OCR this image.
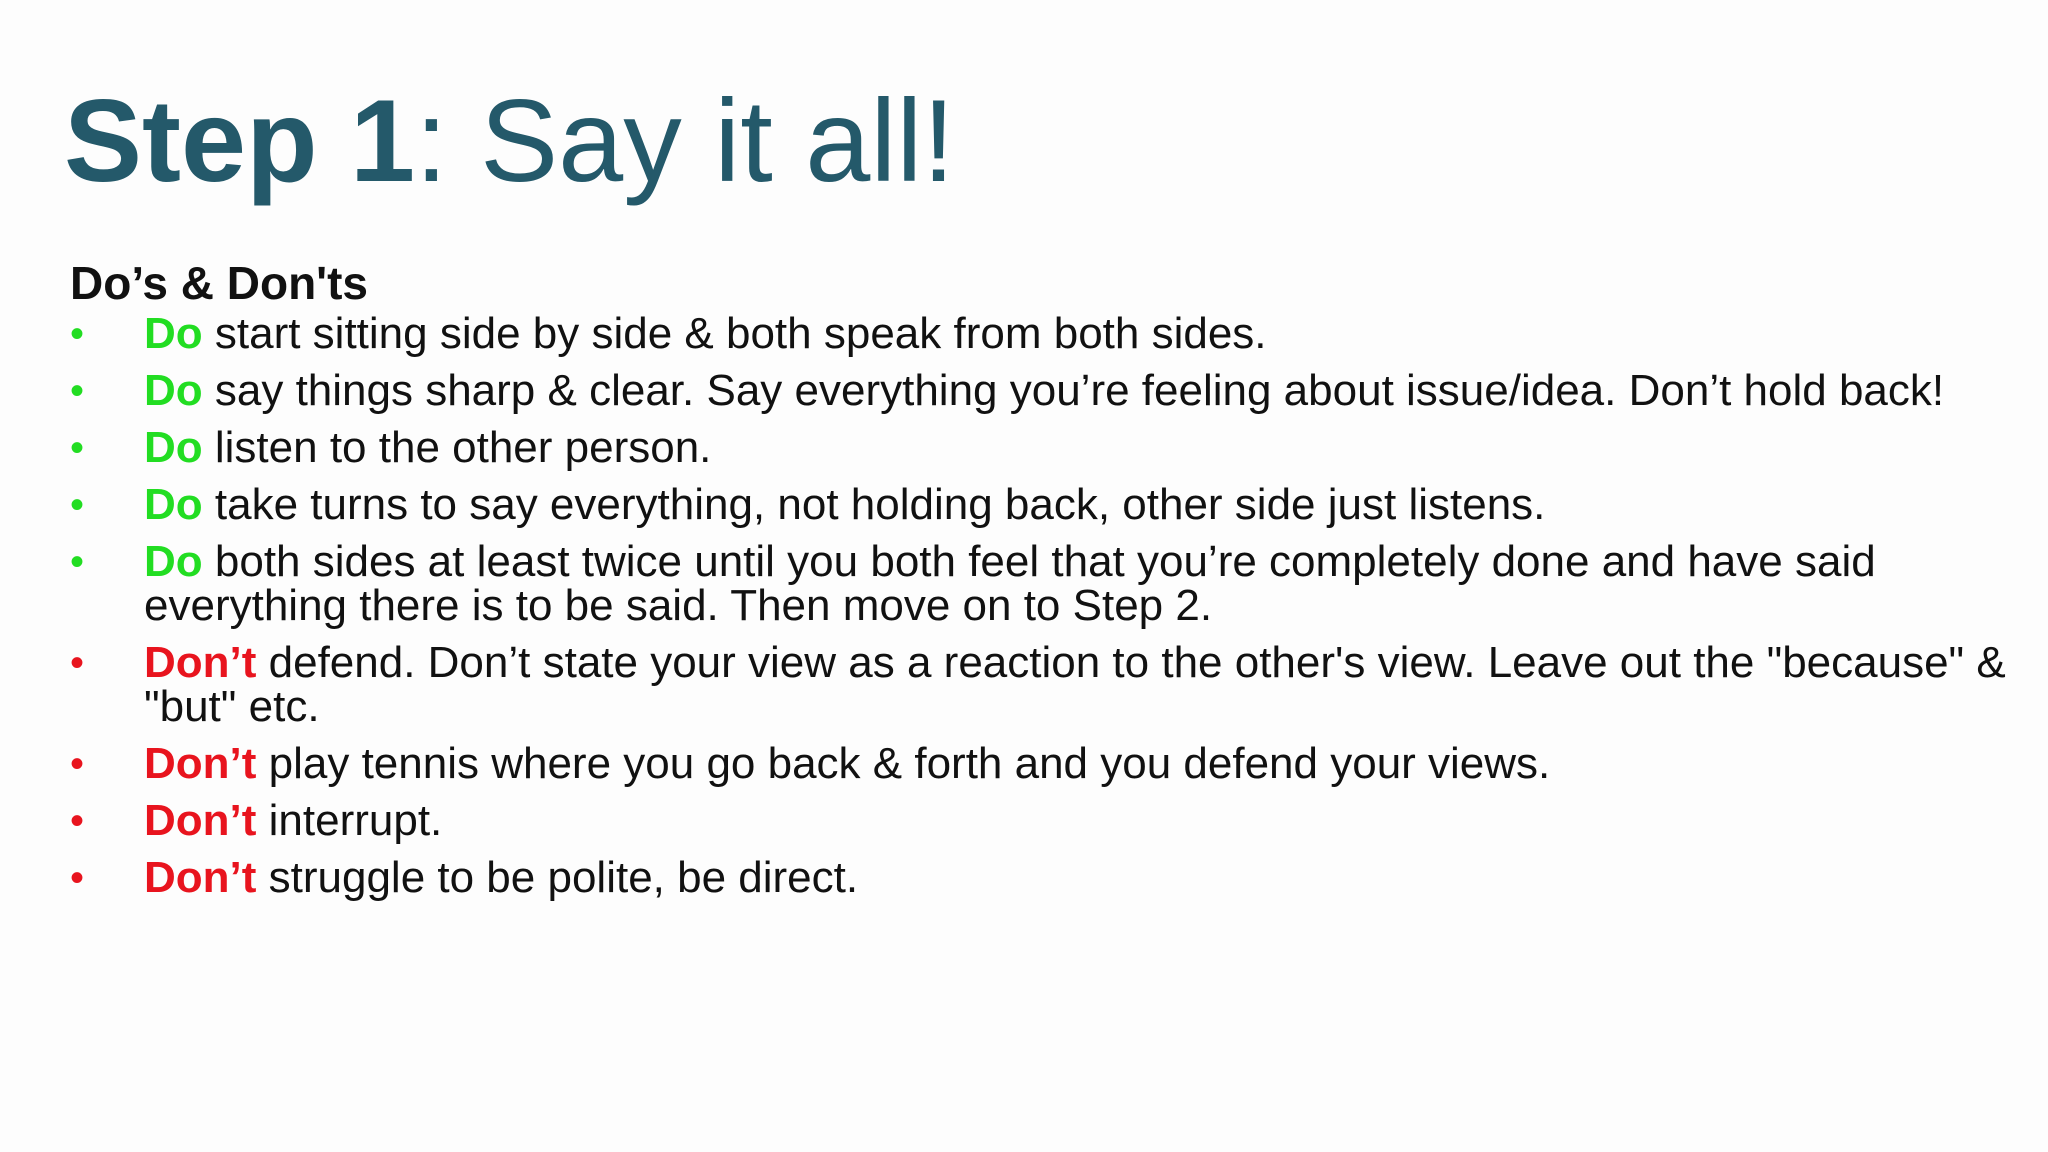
Step 1: Say it all!
Do’s & Don'ts
•	Do start sitting side by side & both speak from both sides.
•	Do say things sharp & clear. Say everything you’re feeling about issue/idea. Don’t hold back!
•	Do listen to the other person.
•	Do take turns to say everything, not holding back, other side just listens.
•	Do both sides at least twice until you both feel that you’re completely done and have said everything there is to be said. Then move on to Step 2.
•	Don’t defend. Don’t state your view as a reaction to the other's view. Leave out the "because" & "but" etc.
•	Don’t play tennis where you go back & forth and you defend your views.
•	Don’t interrupt.
•	Don’t struggle to be polite, be direct.
